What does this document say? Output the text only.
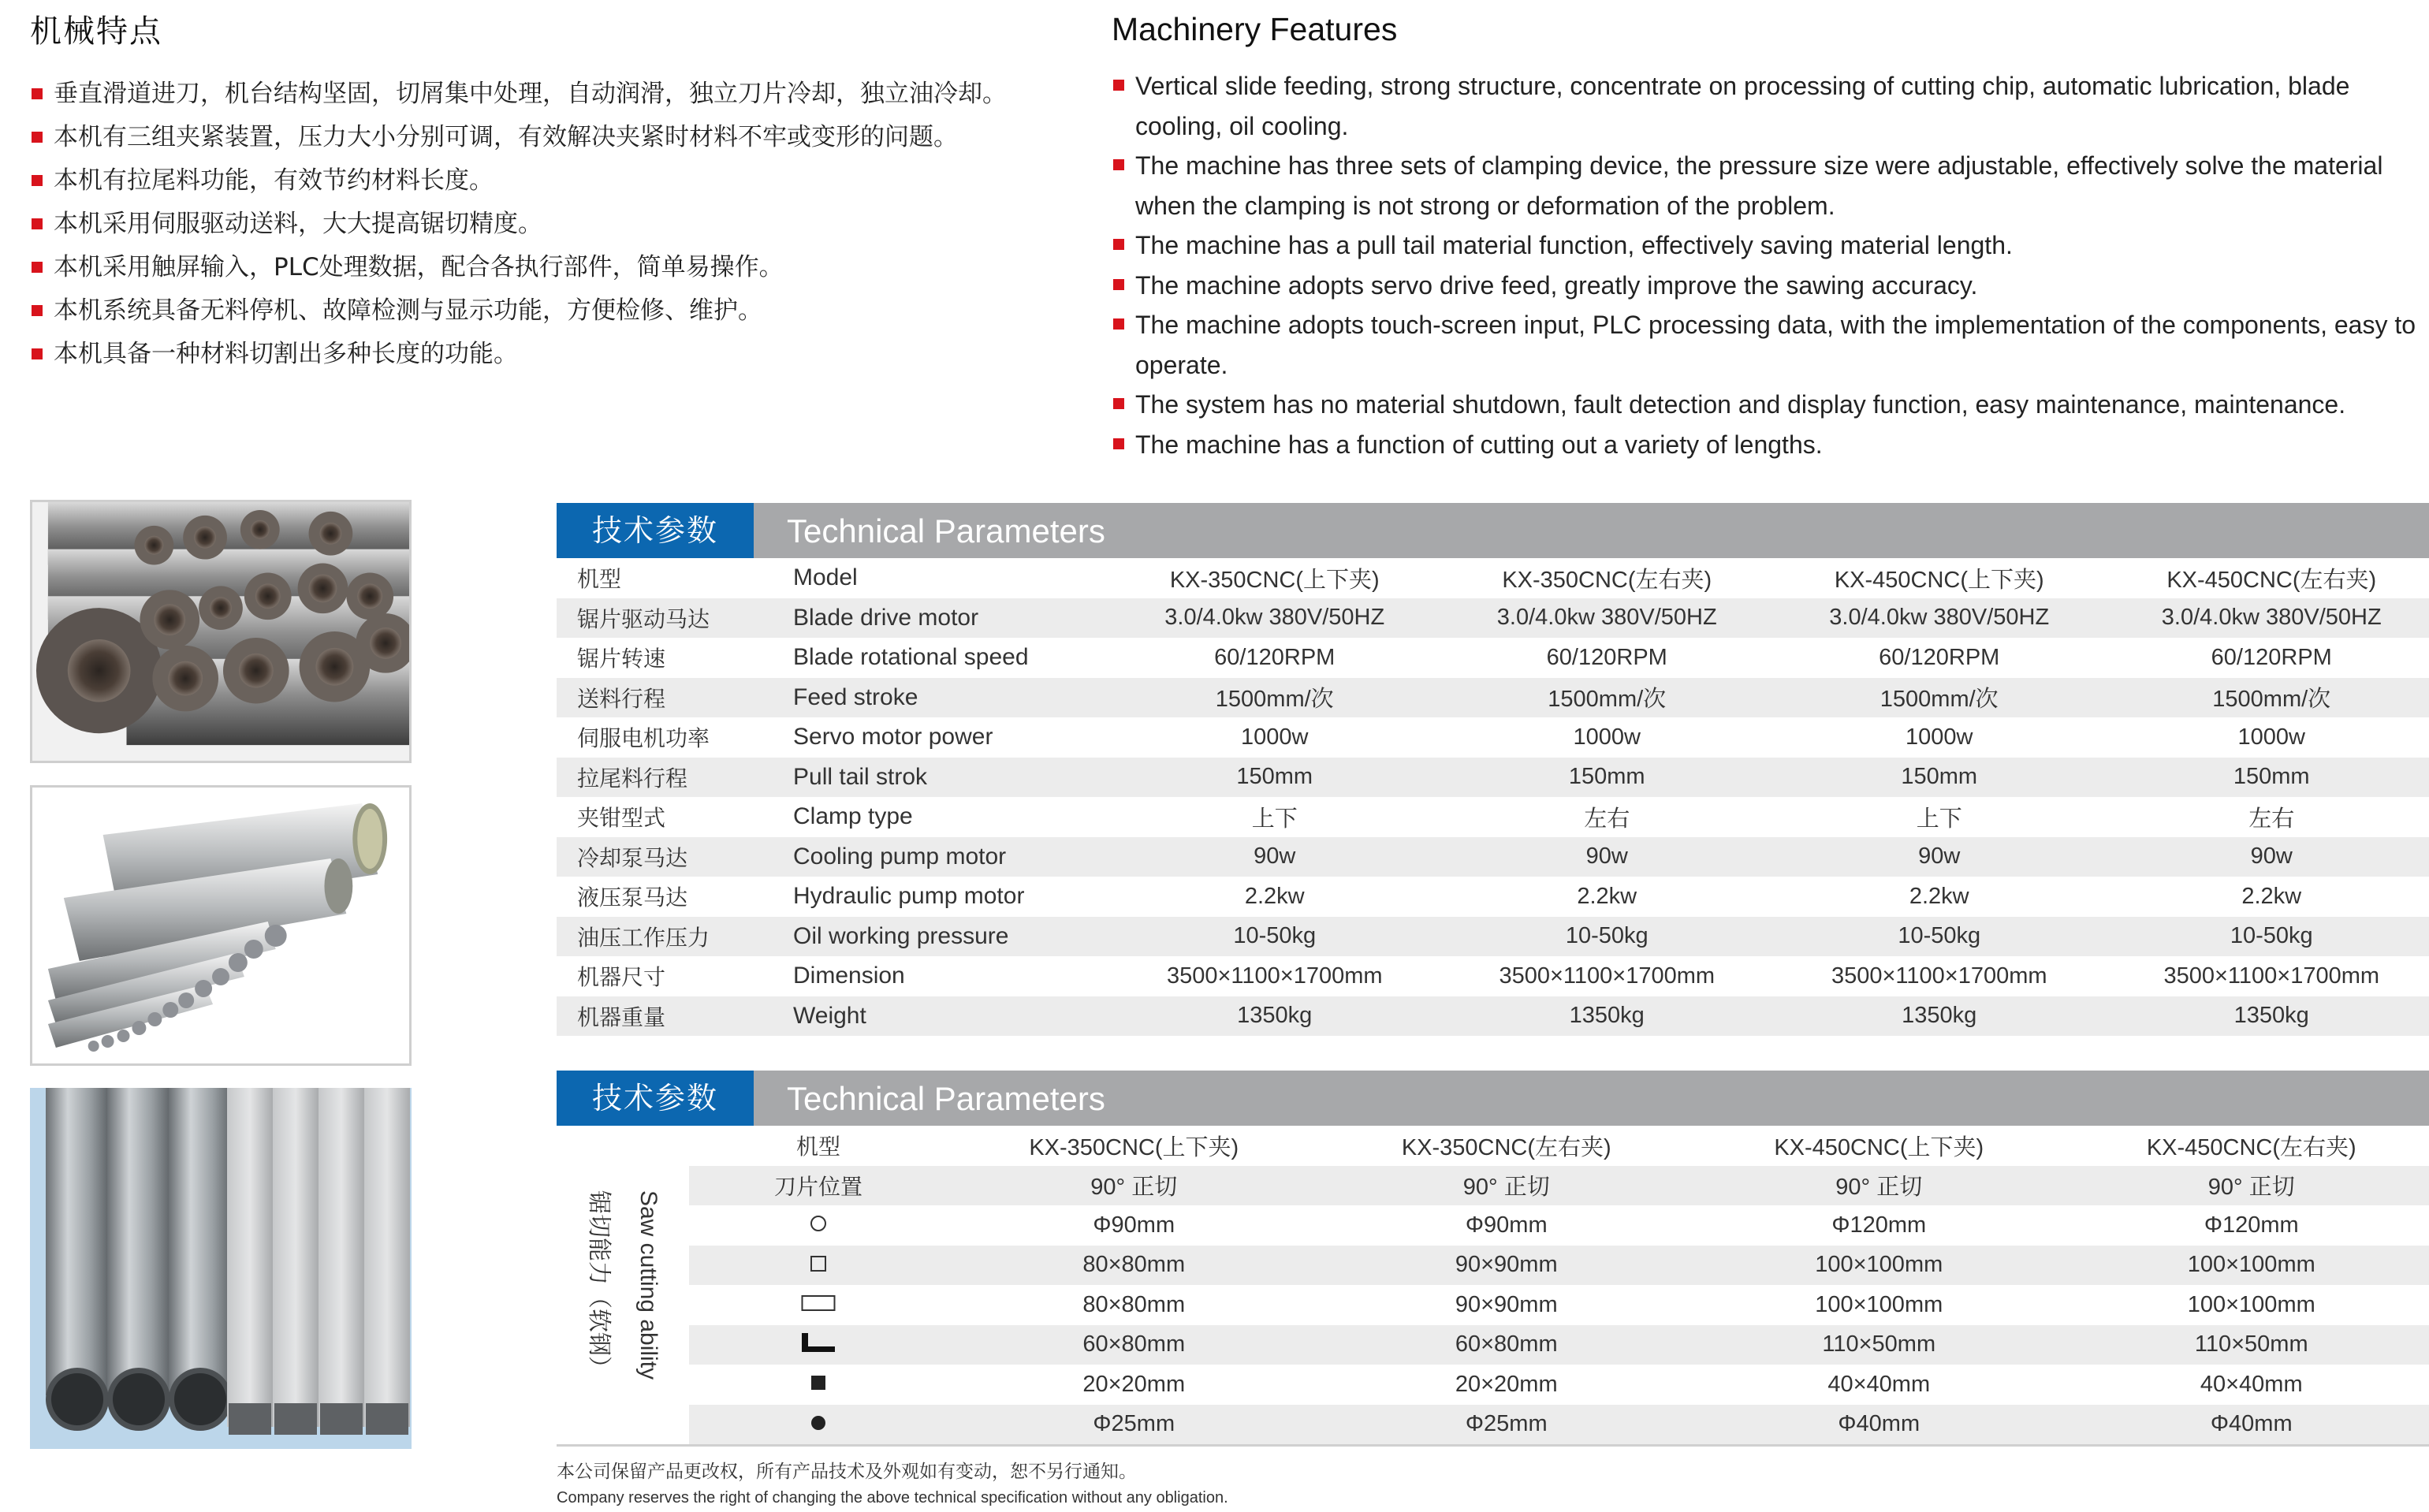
机械特点
垂直滑道进刀，机台结构坚固，切屑集中处理，自动润滑，独立刀片冷却，独立油冷却。
本机有三组夹紧装置，压力大小分别可调，有效解决夹紧时材料不牢或变形的问题。
本机有拉尾料功能，有效节约材料长度。
本机采用伺服驱动送料，大大提高锯切精度。
本机采用触屏输入，PLC处理数据，配合各执行部件，简单易操作。
本机系统具备无料停机、故障检测与显示功能，方便检修、维护。
本机具备一种材料切割出多种长度的功能。
Machinery Features
Vertical slide feeding, strong structure, concentrate on processing of cutting chip, automatic lubrication, blade cooling, oil cooling.
The machine has three sets of clamping device, the pressure size were adjustable, effectively solve the material when the clamping is not strong or deformation of the problem.
The machine has a pull tail material function, effectively saving material length.
The machine adopts servo drive feed, greatly improve the sawing accuracy.
The machine adopts touch-screen input, PLC processing data, with the implementation of the components, easy to operate.
The system has no material shutdown, fault detection and display function, easy maintenance, maintenance.
The machine has a function of cutting out a variety of lengths.
技术参数	Technical Parameters
机型	Model	KX-350CNC(上下夹)	KX-350CNC(左右夹)	KX-450CNC(上下夹)	KX-450CNC(左右夹)
锯片驱动马达	Blade drive motor	3.0/4.0kw 380V/50HZ	3.0/4.0kw 380V/50HZ	3.0/4.0kw 380V/50HZ	3.0/4.0kw 380V/50HZ
锯片转速	Blade rotational speed	60/120RPM	60/120RPM	60/120RPM	60/120RPM
送料行程	Feed stroke	1500mm/次	1500mm/次	1500mm/次	1500mm/次
伺服电机功率	Servo motor power	1000w	1000w	1000w	1000w
拉尾料行程	Pull tail strok	150mm	150mm	150mm	150mm
夹钳型式	Clamp type	上下	左右	上下	左右
冷却泵马达	Cooling pump motor	90w	90w	90w	90w
液压泵马达	Hydraulic pump motor	2.2kw	2.2kw	2.2kw	2.2kw
油压工作压力	Oil working pressure	10-50kg	10-50kg	10-50kg	10-50kg
机器尺寸	Dimension	3500×1100×1700mm	3500×1100×1700mm	3500×1100×1700mm	3500×1100×1700mm
机器重量	Weight	1350kg	1350kg	1350kg	1350kg
技术参数	Technical Parameters
Saw cutting ability
锯切能力（软钢）
机型	KX-350CNC(上下夹)	KX-350CNC(左右夹)	KX-450CNC(上下夹)	KX-450CNC(左右夹)
刀片位置	90° 正切	90° 正切	90° 正切	90° 正切
	Φ90mm	Φ90mm	Φ120mm	Φ120mm
	80×80mm	90×90mm	100×100mm	100×100mm
	80×80mm	90×90mm	100×100mm	100×100mm
	60×80mm	60×80mm	110×50mm	110×50mm
	20×20mm	20×20mm	40×40mm	40×40mm
	Φ25mm	Φ25mm	Φ40mm	Φ40mm
本公司保留产品更改权，所有产品技术及外观如有变动，恕不另行通知。
Company reserves the right of changing the above technical specification without any obligation.
